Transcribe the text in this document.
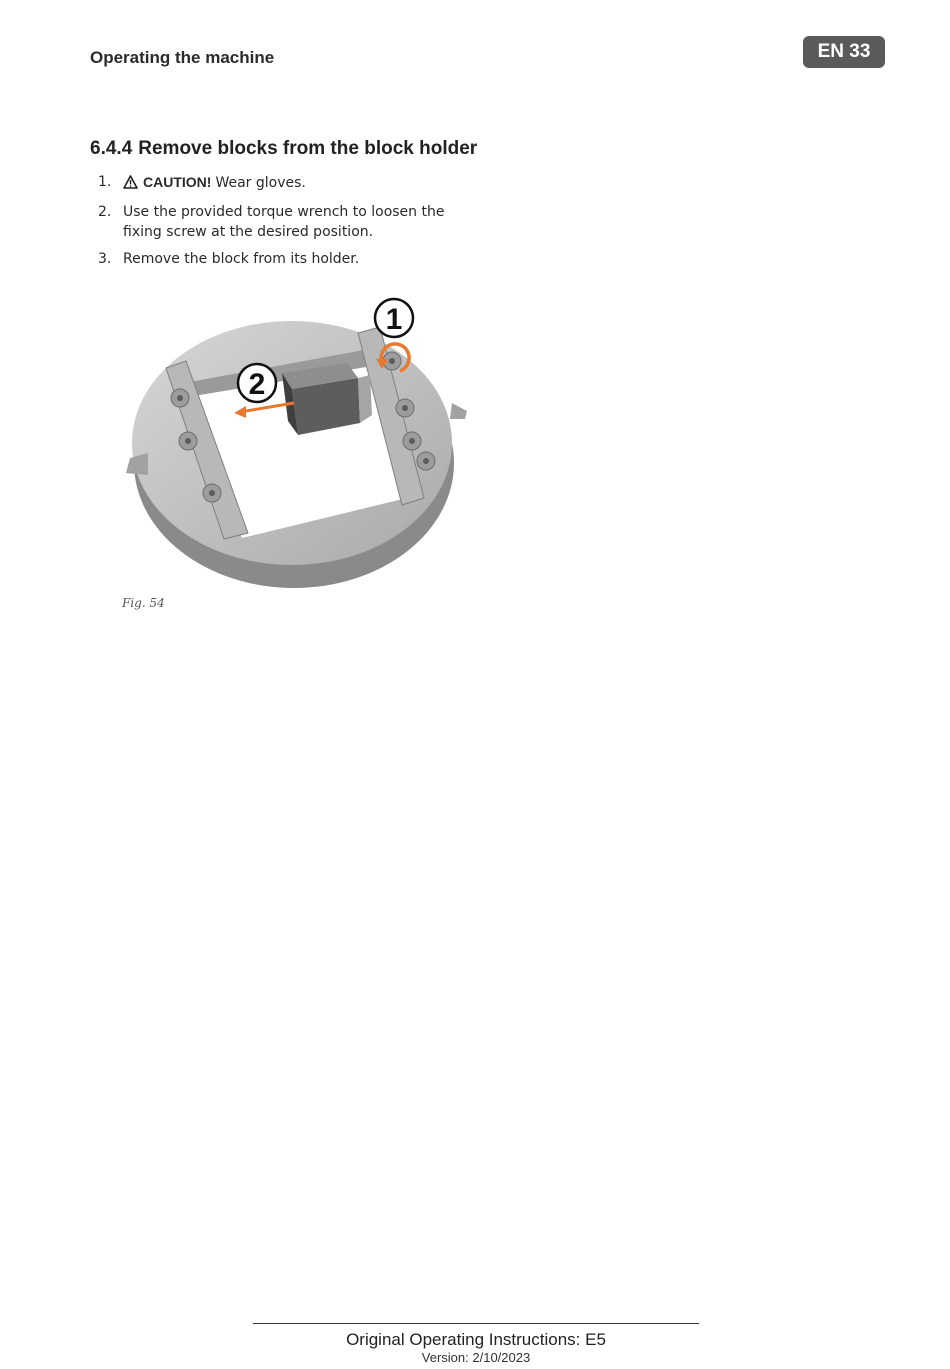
Operating the machine	EN 33
6.4.4 Remove blocks from the block holder
1. CAUTION! Wear gloves.
2. Use the provided torque wrench to loosen the fixing screw at the desired position.
3. Remove the block from its holder.
1
2
Fig. 54
Original Operating Instructions: E5
Version: 2/10/2023
